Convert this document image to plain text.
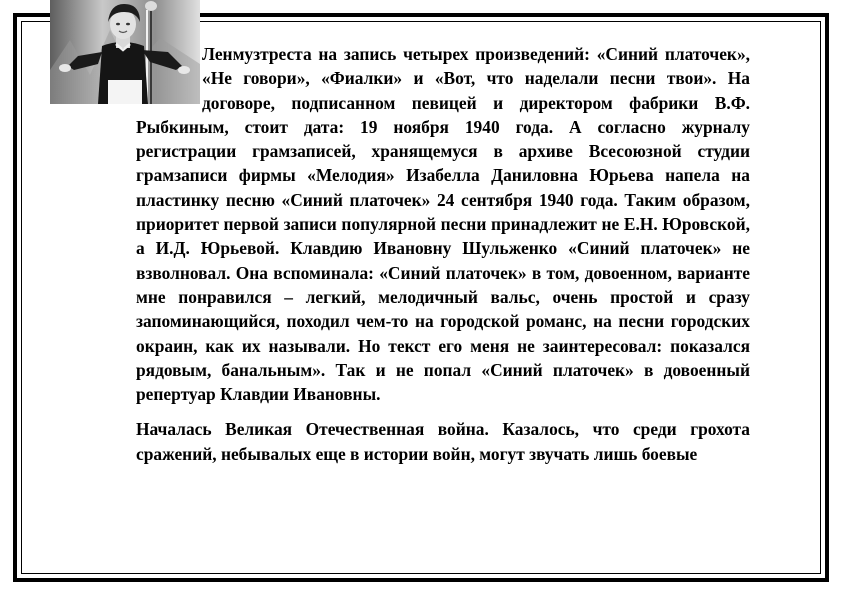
Ленмузтреста на запись четырех произведений: «Синий платочек», «Не говори», «Фиалки» и «Вот, что наделали песни твои». На договоре, подписанном певицей и директором фабрики В.Ф. Рыбкиным, стоит дата: 19 ноября 1940 года. А согласно журналу регистрации грамзаписей, хранящемуся в архиве Всесоюзной студии грамзаписи фирмы «Мелодия» Изабелла Даниловна Юрьева напела на пластинку песню «Синий платочек» 24 сентября 1940 года. Таким образом, приоритет первой записи популярной песни принадлежит не Е.Н. Юровской, а И.Д. Юрьевой. Клавдию Ивановну Шульженко «Синий платочек» не взволновал. Она вспоминала: «Синий платочек» в том, довоенном, варианте мне понравился – легкий, мелодичный вальс, очень простой и сразу запоминающийся, походил чем-то на городской романс, на песни городских окраин, как их называли. Но текст его меня не заинтересовал: показался рядовым, банальным». Так и не попал «Синий платочек» в довоенный репертуар Клавдии Ивановны.

Началась Великая Отечественная война. Казалось, что среди грохота сражений, небывалых еще в истории войн, могут звучать лишь боевые
